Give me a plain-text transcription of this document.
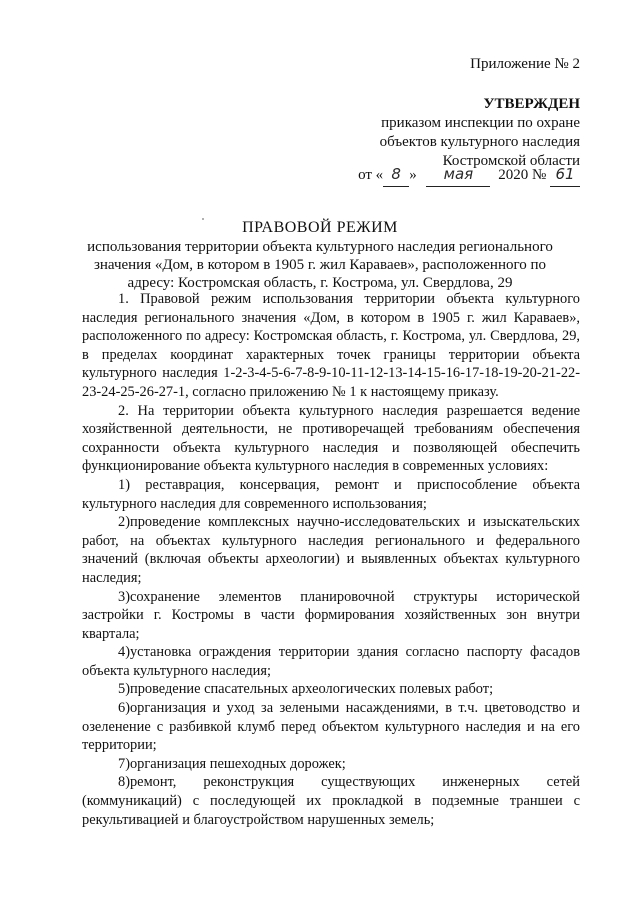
Приложение № 2
УТВЕРЖДЕН
приказом инспекции по охране
объектов культурного наследия
Костромской области
от « 8 » мая 2020 № 61
ПРАВОВОЙ РЕЖИМ
использования территории объекта культурного наследия регионального
значения «Дом, в котором в 1905 г. жил Караваев», расположенного по
адресу: Костромская область, г. Кострома, ул. Свердлова, 29

1. Правовой режим использования территории объекта культурного наследия регионального значения «Дом, в котором в 1905 г. жил Караваев», расположенного по адресу: Костромская область, г. Кострома, ул. Свердлова, 29, в пределах координат характерных точек границы территории объекта культурного наследия 1-2-3-4-5-6-7-8-9-10-11-12-13-14-15-16-17-18-19-20-21-22-23-24-25-26-27-1, согласно приложению № 1 к настоящему приказу.

2. На территории объекта культурного наследия разрешается ведение хозяйственной деятельности, не противоречащей требованиям обеспечения сохранности объекта культурного наследия и позволяющей обеспечить функционирование объекта культурного наследия в современных условиях:

1) реставрация, консервация, ремонт и приспособление объекта культурного наследия для современного использования;

2)проведение комплексных научно-исследовательских и изыскательских работ, на объектах культурного наследия регионального и федерального значений (включая объекты археологии) и выявленных объектах культурного наследия;

3)сохранение элементов планировочной структуры исторической застройки г. Костромы в части формирования хозяйственных зон внутри квартала;

4)установка ограждения территории здания согласно паспорту фасадов объекта культурного наследия;

5)проведение спасательных археологических полевых работ;

6)организация и уход за зелеными насаждениями, в т.ч. цветоводство и озеленение с разбивкой клумб перед объектом культурного наследия и на его территории;

7)организация пешеходных дорожек;

8)ремонт, реконструкция существующих инженерных сетей (коммуникаций) с последующей их прокладкой в подземные траншеи с рекультивацией и благоустройством нарушенных земель;
